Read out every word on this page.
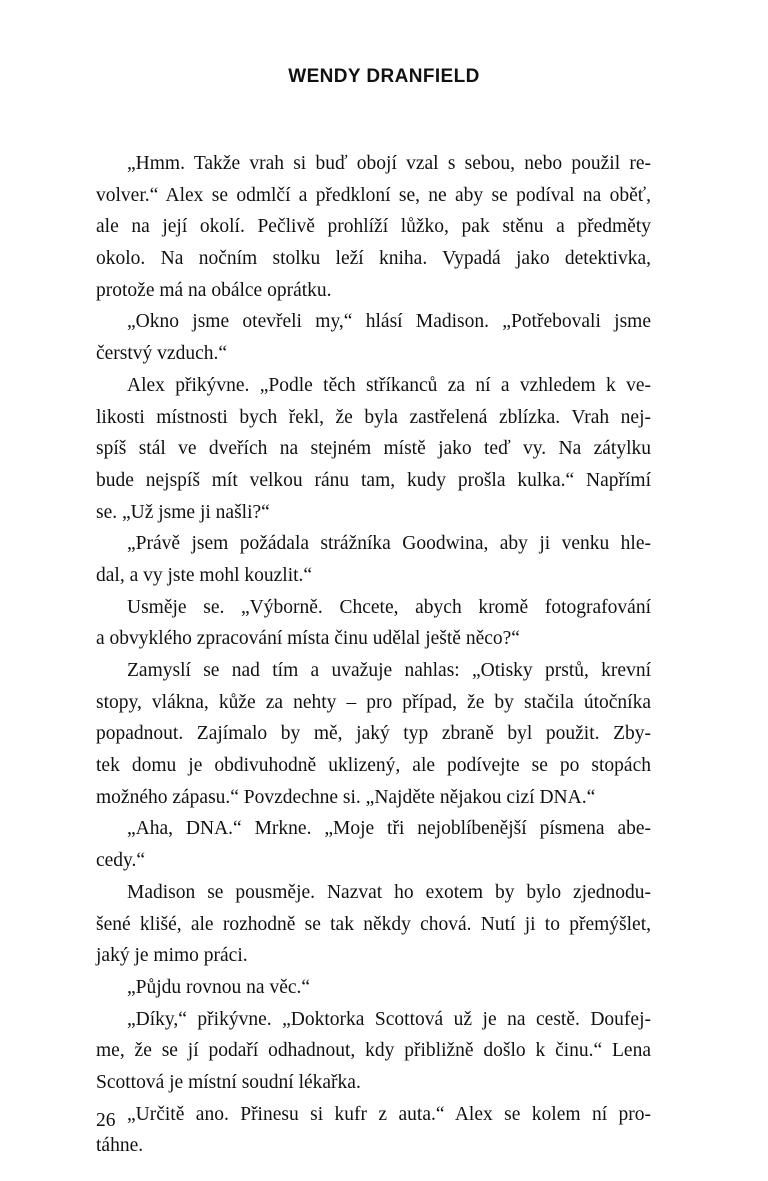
WENDY DRANFIELD
„Hmm. Takže vrah si buď obojí vzal s sebou, nebo použil re-
volver.“ Alex se odmlčí a předkloní se, ne aby se podíval na oběť,
ale na její okolí. Pečlivě prohlíží lůžko, pak stěnu a předměty
okolo. Na nočním stolku leží kniha. Vypadá jako detektivka,
protože má na obálce oprátku.
„Okno jsme otevřeli my,“ hlásí Madison. „Potřebovali jsme
čerstvý vzduch.“
Alex přikývne. „Podle těch stříkanců za ní a vzhledem k ve-
likosti místnosti bych řekl, že byla zastřelená zblízka. Vrah nej-
spíš stál ve dveřích na stejném místě jako teď vy. Na zátylku
bude nejspíš mít velkou ránu tam, kudy prošla kulka.“ Napřímí
se. „Už jsme ji našli?“
„Právě jsem požádala strážníka Goodwina, aby ji venku hle-
dal, a vy jste mohl kouzlit.“
Usměje se. „Výborně. Chcete, abych kromě fotografování
a obvyklého zpracování místa činu udělal ještě něco?“
Zamyslí se nad tím a uvažuje nahlas: „Otisky prstů, krevní
stopy, vlákna, kůže za nehty – pro případ, že by stačila útočníka
popadnout. Zajímalo by mě, jaký typ zbraně byl použit. Zby-
tek domu je obdivuhodně uklizený, ale podívejte se po stopách
možného zápasu.“ Povzdechne si. „Najděte nějakou cizí DNA.“
„Aha, DNA.“ Mrkne. „Moje tři nejoblíbenější písmena abe-
cedy.“
Madison se pousměje. Nazvat ho exotem by bylo zjednodu-
šené klišé, ale rozhodně se tak někdy chová. Nutí ji to přemýšlet,
jaký je mimo práci.
„Půjdu rovnou na věc.“
„Díky,“ přikývne. „Doktorka Scottová už je na cestě. Doufej-
me, že se jí podaří odhadnout, kdy přibližně došlo k činu.“ Lena
Scottová je místní soudní lékařka.
„Určitě ano. Přinesu si kufr z auta.“ Alex se kolem ní pro-
táhne.
26
